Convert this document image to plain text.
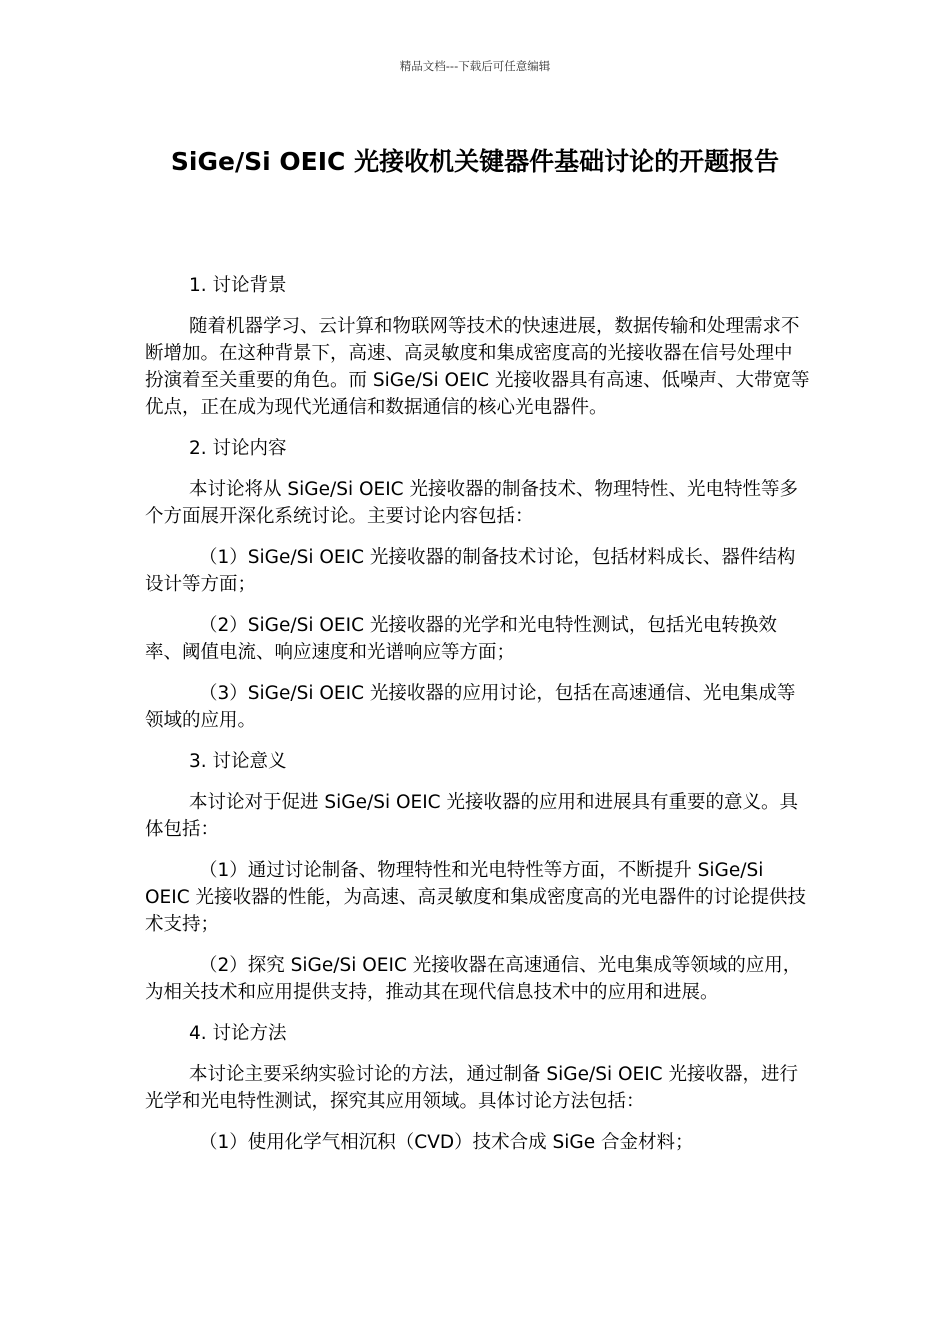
精品文档---下载后可任意编辑
SiGe/Si OEIC 光接收机关键器件基础讨论的开题报告

1. 讨论背景

随着机器学习、云计算和物联网等技术的快速进展，数据传输和处理需求不断增加。在这种背景下，高速、高灵敏度和集成密度高的光接收器在信号处理中扮演着至关重要的角色。而 SiGe/Si OEIC 光接收器具有高速、低噪声、大带宽等优点，正在成为现代光通信和数据通信的核心光电器件。

2. 讨论内容

本讨论将从 SiGe/Si OEIC 光接收器的制备技术、物理特性、光电特性等多个方面展开深化系统讨论。主要讨论内容包括：

（1）SiGe/Si OEIC 光接收器的制备技术讨论，包括材料成长、器件结构设计等方面；

（2）SiGe/Si OEIC 光接收器的光学和光电特性测试，包括光电转换效率、阈值电流、响应速度和光谱响应等方面；

（3）SiGe/Si OEIC 光接收器的应用讨论，包括在高速通信、光电集成等领域的应用。

3. 讨论意义

本讨论对于促进 SiGe/Si OEIC 光接收器的应用和进展具有重要的意义。具体包括：

（1）通过讨论制备、物理特性和光电特性等方面，不断提升 SiGe/Si OEIC 光接收器的性能，为高速、高灵敏度和集成密度高的光电器件的讨论提供技术支持；

（2）探究 SiGe/Si OEIC 光接收器在高速通信、光电集成等领域的应用，为相关技术和应用提供支持，推动其在现代信息技术中的应用和进展。

4. 讨论方法

本讨论主要采纳实验讨论的方法，通过制备 SiGe/Si OEIC 光接收器，进行光学和光电特性测试，探究其应用领域。具体讨论方法包括：

（1）使用化学气相沉积（CVD）技术合成 SiGe 合金材料；
